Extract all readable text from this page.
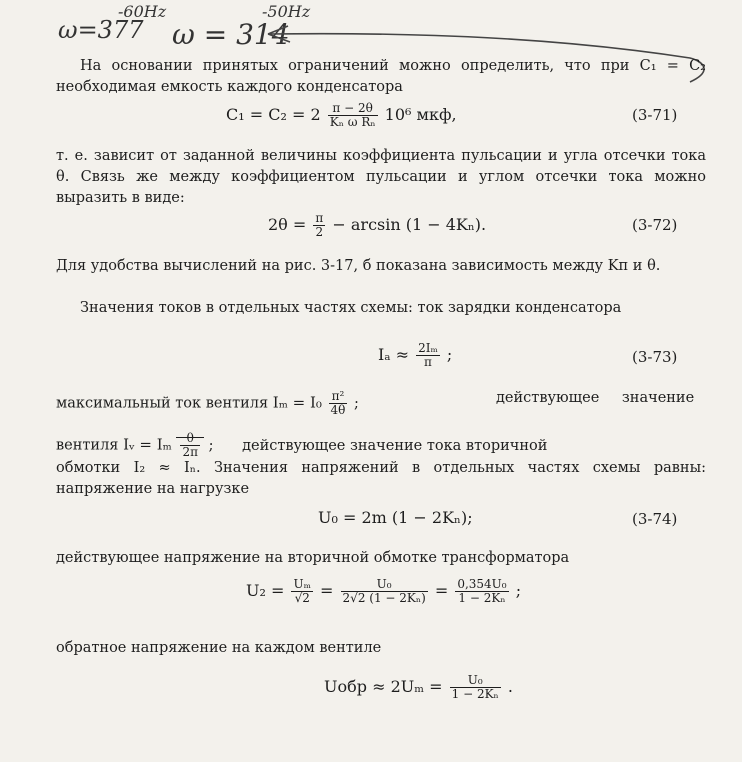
-60Hz
ω=377
-50Hz
ω = 314

На основании принятых ограничений можно определить, что при C₁ = C₂ необходимая емкость каждого конденсатора

$C_1 = C_2 = 2 \frac{\pi - 2\theta}{\text{Kₙ ω Rₙ}} 10^6$ мкф,	(3-71)

т. е. зависит от заданной величины коэффициента пульсации и угла отсечки тока θ. Связь же между коэффициентом пульсации и углом отсечки тока можно выразить в виде:

$2\theta = \frac{\pi}{2} - \arcsin (1 - 4K_n)$.	(3-72)

Для удобства вычислений на рис. 3-17, б показана зависимость между Kп и θ.

Значения токов в отдельных частях схемы: ток зарядки конденсатора

$I_a \approx \frac{\text{2Iₘ}}{\pi}$ ;	(3-73)
максимальный ток вентиля $I_m = I_0 \frac{\text{π²}}{4\theta}$ ;	действующее значение
вентиля Iᵥ = Iₘ $\frac{\theta}{2\pi}$ ; действующее значение тока вторичной

обмотки I₂ ≈ Iₙ. Значения напряжений в отдельных частях схемы равны: напряжение на нагрузке

U₀ = 2m (1 − 2Kₙ);	(3-74)

действующее напряжение на вторичной обмотке трансформатора

$U_2 = \frac{\text{Uₘ}}{√2} = \frac{\text{U₀}}{\text{2√2 (1 − 2Kₙ)}} = \frac{\text{0,354U₀}}{\text{1 − 2Kₙ}}$ ;

обратное напряжение на каждом вентиле

Uобр ≈ $2U_m = \frac{\text{U₀}}{\text{1 − 2Kₙ}}$ .
